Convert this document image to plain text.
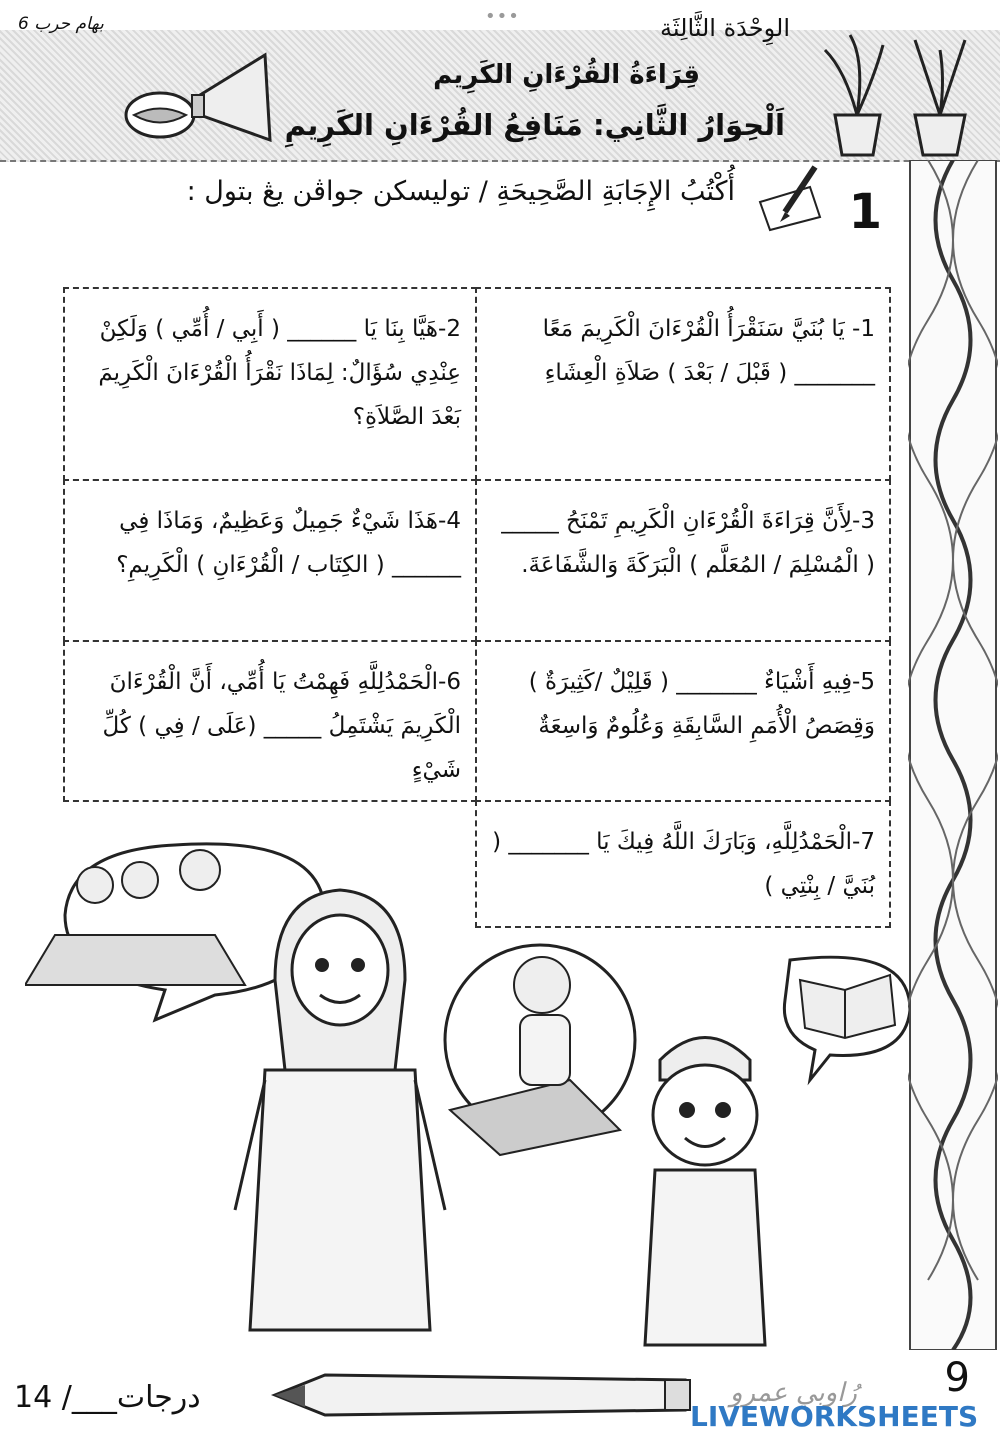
•••	الوِحْدَة الثَّالِثَة
6 بهام حرب
قِرَاءَةُ القُرْءَانِ الكَرِيم
اَلْحِوَارُ الثَّانِي: مَنَافِعُ القُرْءَانِ الكَرِيمِ
1
أُكْتُبُ الإِجَابَةِ الصَّحِيحَةِ / توليسكن جواڤن يڠ بتول :
1- يَا بُنَيَّ سَنَقْرَأُ الْقُرْءَانَ الْكَرِيمَ مَعًا _______ ( قَبْلَ / بَعْدَ ) صَلاَةِ الْعِشَاءِ
2-هَيَّا بِنَا يَا ______ ( أَبِي / أُمِّي ) وَلَكِنْ عِنْدِي سُؤَالٌ: لِمَاذَا نَقْرَأُ الْقُرْءَانَ الْكَرِيمَ بَعْدَ الصَّلاَةِ؟
3-لِأَنَّ قِرَاءَةَ الْقُرْءَانِ الْكَرِيمِ تَمْنَحُ _____ ( الْمُسْلِمَ / المُعَلَّم ) الْبَرَكَةَ وَالشَّفَاعَةَ.
4-هَذَا شَيْءٌ جَمِيلٌ وَعَظِيمٌ، وَمَاذَا فِي ______ ( الكِتَاب / الْقُرْءَانِ ) الْكَرِيمِ؟
5-فِيهِ أَشْيَاءٌ _______ ( قَلِيْلٌ /كَثِيرَةٌ ) وَقِصَصُ الْأُمَمِ السَّابِقَةِ وَعُلُومٌ وَاسِعَةٌ
6-الْحَمْدُلِلَّهِ فَهِمْتُ يَا أُمِّي، أَنَّ الْقُرْءَانَ الْكَرِيمَ يَشْتَمِلُ _____ (عَلَى / فِي ) كُلِّ شَيْءٍ
7-الْحَمْدُلِلَّهِ، وَبَارَكَ اللَّهُ فِيكَ يَا _______ ( بُنَيَّ / بِنْتِي )
9
درجات___/ 14	رُاوبِي عمرو
LIVEWORKSHEETS
